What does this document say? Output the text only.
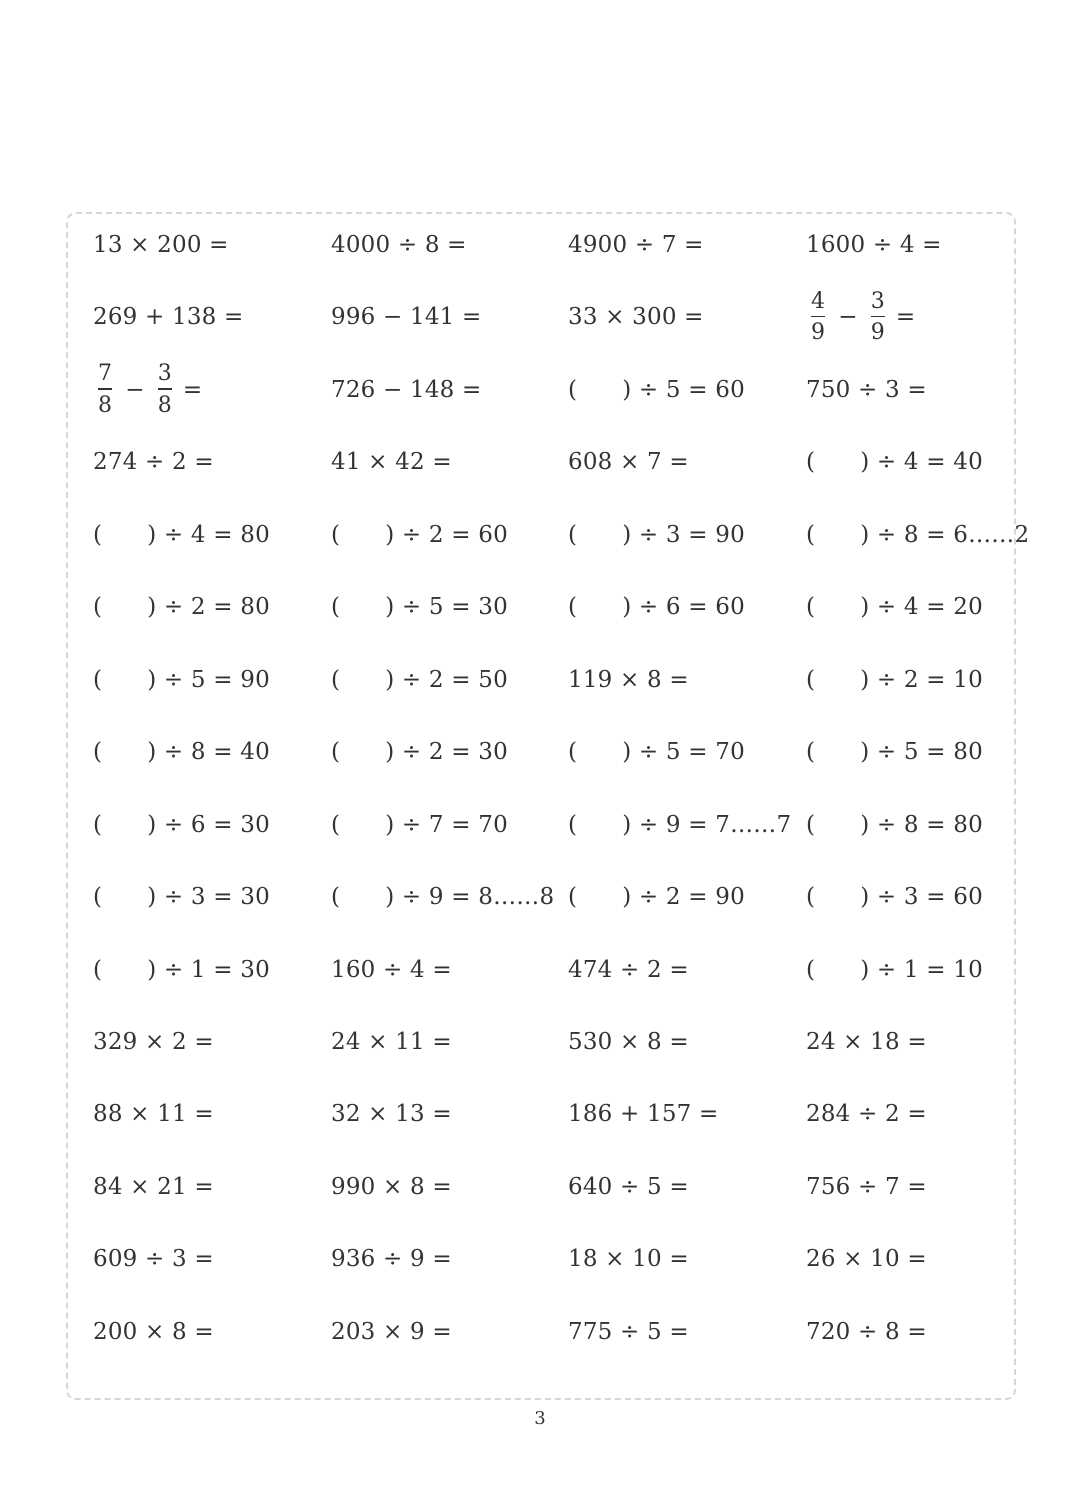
13 × 200 =	4000 ÷ 8 =	4900 ÷ 7 =	1600 ÷ 4 =
269 + 138 =	996 − 141 =	33 × 300 =	$\frac{4}{9} - \frac{3}{9}$ =
$\frac{7}{8} - \frac{3}{8}$ =	726 − 148 =	(      ) ÷ 5 = 60	750 ÷ 3 =
274 ÷ 2 =	41 × 42 =	608 × 7 =	(      ) ÷ 4 = 40
(      ) ÷ 4 = 80	(      ) ÷ 2 = 60	(      ) ÷ 3 = 90	(      ) ÷ 8 = 6……2
(      ) ÷ 2 = 80	(      ) ÷ 5 = 30	(      ) ÷ 6 = 60	(      ) ÷ 4 = 20
(      ) ÷ 5 = 90	(      ) ÷ 2 = 50	119 × 8 =	(      ) ÷ 2 = 10
(      ) ÷ 8 = 40	(      ) ÷ 2 = 30	(      ) ÷ 5 = 70	(      ) ÷ 5 = 80
(      ) ÷ 6 = 30	(      ) ÷ 7 = 70	(      ) ÷ 9 = 7……7 (      ) ÷ 8 = 80
(      ) ÷ 3 = 30	(      ) ÷ 9 = 8……8 (      ) ÷ 2 = 90	(      ) ÷ 3 = 60
(      ) ÷ 1 = 30	160 ÷ 4 =	474 ÷ 2 =	(      ) ÷ 1 = 10
329 × 2 =	24 × 11 =	530 × 8 =	24 × 18 =
88 × 11 =	32 × 13 =	186 + 157 =	284 ÷ 2 =
84 × 21 =	990 × 8 =	640 ÷ 5 =	756 ÷ 7 =
609 ÷ 3 =	936 ÷ 9 =	18 × 10 =	26 × 10 =
200 × 8 =	203 × 9 =	775 ÷ 5 =	720 ÷ 8 =
3
